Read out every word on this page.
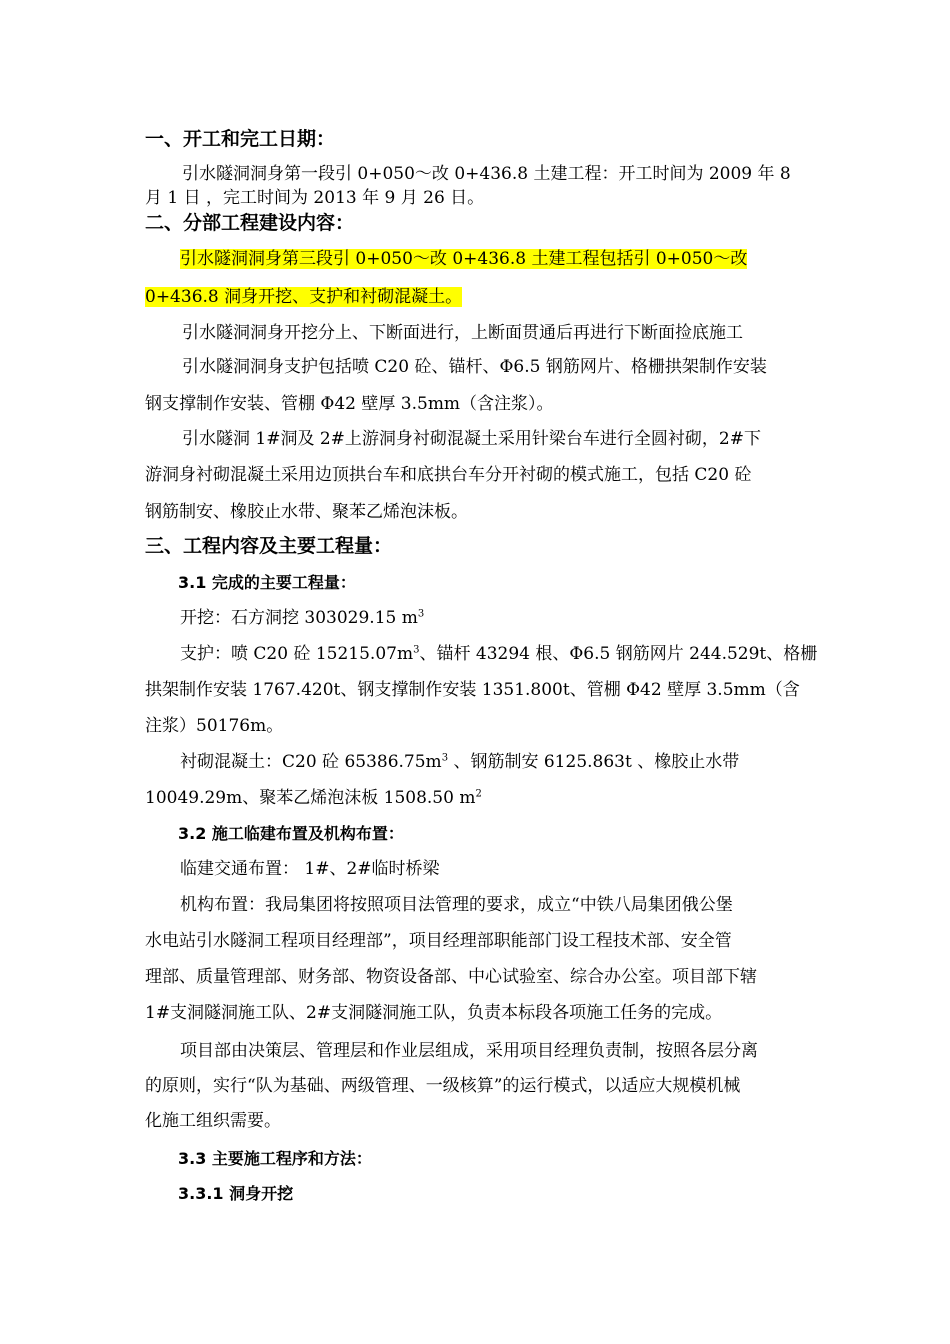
一、开工和完工日期：
引水隧洞洞身第一段引 0+050～改 0+436.8 土建工程：开工时间为 2009 年 8
月 1 日 ，完工时间为 2013 年 9 月 26 日。
二、分部工程建设内容：
引水隧洞洞身第三段引 0+050～改 0+436.8 土建工程包括引 0+050～改
0+436.8 洞身开挖、支护和衬砌混凝土。
引水隧洞洞身开挖分上、下断面进行，上断面贯通后再进行下断面捡底施工
引水隧洞洞身支护包括喷 C20 砼、锚杆、Φ6.5 钢筋网片、格栅拱架制作安装
钢支撑制作安装、管棚 Φ42 壁厚 3.5mm（含注浆）。
引水隧洞 1#洞及 2#上游洞身衬砌混凝土采用针梁台车进行全圆衬砌，2#下
游洞身衬砌混凝土采用边顶拱台车和底拱台车分开衬砌的模式施工，包括 C20 砼
钢筋制安、橡胶止水带、聚苯乙烯泡沫板。
三、工程内容及主要工程量：
3.1 完成的主要工程量：
开挖：石方洞挖 303029.15 $m^3$
支护：喷 C20 砼 $15215.07m^3$、锚杆 43294 根、Φ6.5 钢筋网片 244.529t、格栅
拱架制作安装 1767.420t、钢支撑制作安装 1351.800t、管棚 Φ42 壁厚 3.5mm（含
注浆）50176m。
衬砌混凝土：C20 砼 $65386.75m^3$ 、钢筋制安 6125.863t 、橡胶止水带
10049.29m、聚苯乙烯泡沫板 1508.50 $m^2$
3.2 施工临建布置及机构布置：
临建交通布置： 1#、2#临时桥梁
机构布置：我局集团将按照项目法管理的要求，成立“中铁八局集团俄公堡
水电站引水隧洞工程项目经理部”，项目经理部职能部门设工程技术部、安全管
理部、质量管理部、财务部、物资设备部、中心试验室、综合办公室。项目部下辖
1#支洞隧洞施工队、2#支洞隧洞施工队，负责本标段各项施工任务的完成。
项目部由决策层、管理层和作业层组成，采用项目经理负责制，按照各层分离
的原则，实行“队为基础、两级管理、一级核算”的运行模式，以适应大规模机械
化施工组织需要。
3.3 主要施工程序和方法：
3.3.1 洞身开挖
